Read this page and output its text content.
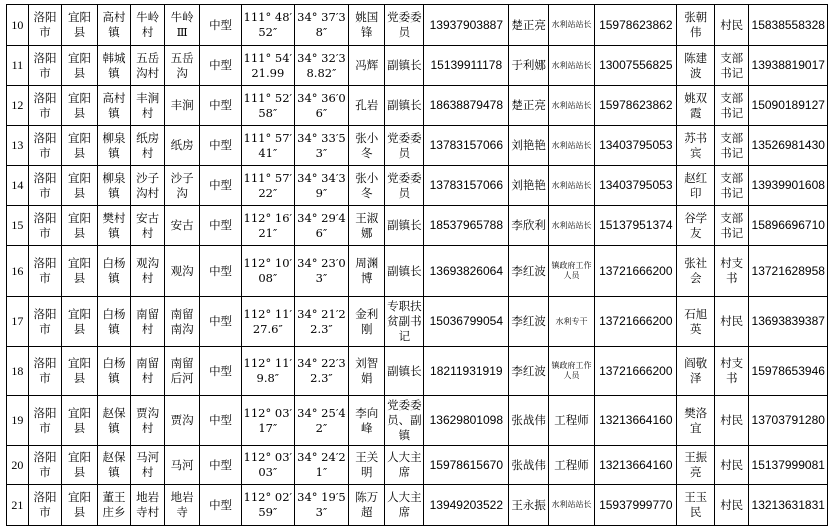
10	洛阳市	宜阳县	高村镇	牛岭村	牛岭Ⅲ	中型	111° 48′52″	34° 37′38″	姚国锋	党委委员	13937903887	楚正亮	水利站站长	15978623862	张朝伟	村民	15838558328
11	洛阳市	宜阳县	韩城镇	五岳沟村	五岳沟	中型	111° 54′21.99	34° 32′38.82″	冯辉	副镇长	15139911178	于利娜	水利站站长	13007556825	陈建波	支部书记	13938819017
12	洛阳市	宜阳县	高村镇	丰涧村	丰涧	中型	111° 52′58″	34° 36′06″	孔岩	副镇长	18638879478	楚正亮	水利站站长	15978623862	姚双霞	支部书记	15090189127
13	洛阳市	宜阳县	柳泉镇	纸房村	纸房	中型	111° 57′41″	34° 33′53″	张小冬	党委委员	13783157066	刘艳艳	水利站站长	13403795053	苏书宾	支部书记	13526981430
14	洛阳市	宜阳县	柳泉镇	沙子沟村	沙子沟	中型	111° 57′22″	34° 34′39″	张小冬	党委委员	13783157066	刘艳艳	水利站站长	13403795053	赵红印	支部书记	13939901608
15	洛阳市	宜阳县	樊村镇	安古村	安古	中型	112° 16′21″	34° 29′46″	王淑娜	副镇长	18537965788	李欣利	水利站站长	15137951374	谷学友	支部书记	15896696710
16	洛阳市	宜阳县	白杨镇	观沟村	观沟	中型	112° 10′08″	34° 23′03″	周渊博	副镇长	13693826064	李红波	镇政府工作人员	13721666200	张社会	村支书	13721628958
17	洛阳市	宜阳县	白杨镇	南留村	南留南沟	中型	112° 11′27.6″	34° 21′22.3″	金利刚	专职扶贫副书记	15036799054	李红波	水利专干	13721666200	石旭英	村民	13693839387
18	洛阳市	宜阳县	白杨镇	南留村	南留后河	中型	112° 11′9.8″	34° 22′32.3″	刘智娟	副镇长	18211931919	李红波	镇政府工作人员	13721666200	阎敬泽	村支书	15978653946
19	洛阳市	宜阳县	赵保镇	贾沟村	贾沟	中型	112° 03′17″	34° 25′42″	李向峰	党委委员、副镇	13629801098	张战伟	工程师	13213664160	樊洛宜	村民	13703791280
20	洛阳市	宜阳县	赵保镇	马河村	马河	中型	112° 03′03″	34° 24′21″	王关明	人大主席	15978615670	张战伟	工程师	13213664160	王振亮	村民	15137999081
21	洛阳市	宜阳县	董王庄乡	地岩寺村	地岩寺	中型	112° 02′59″	34° 19′53″	陈万超	人大主席	13949203522	王永振	水利站站长	15937999770	王玉民	村民	13213631831
